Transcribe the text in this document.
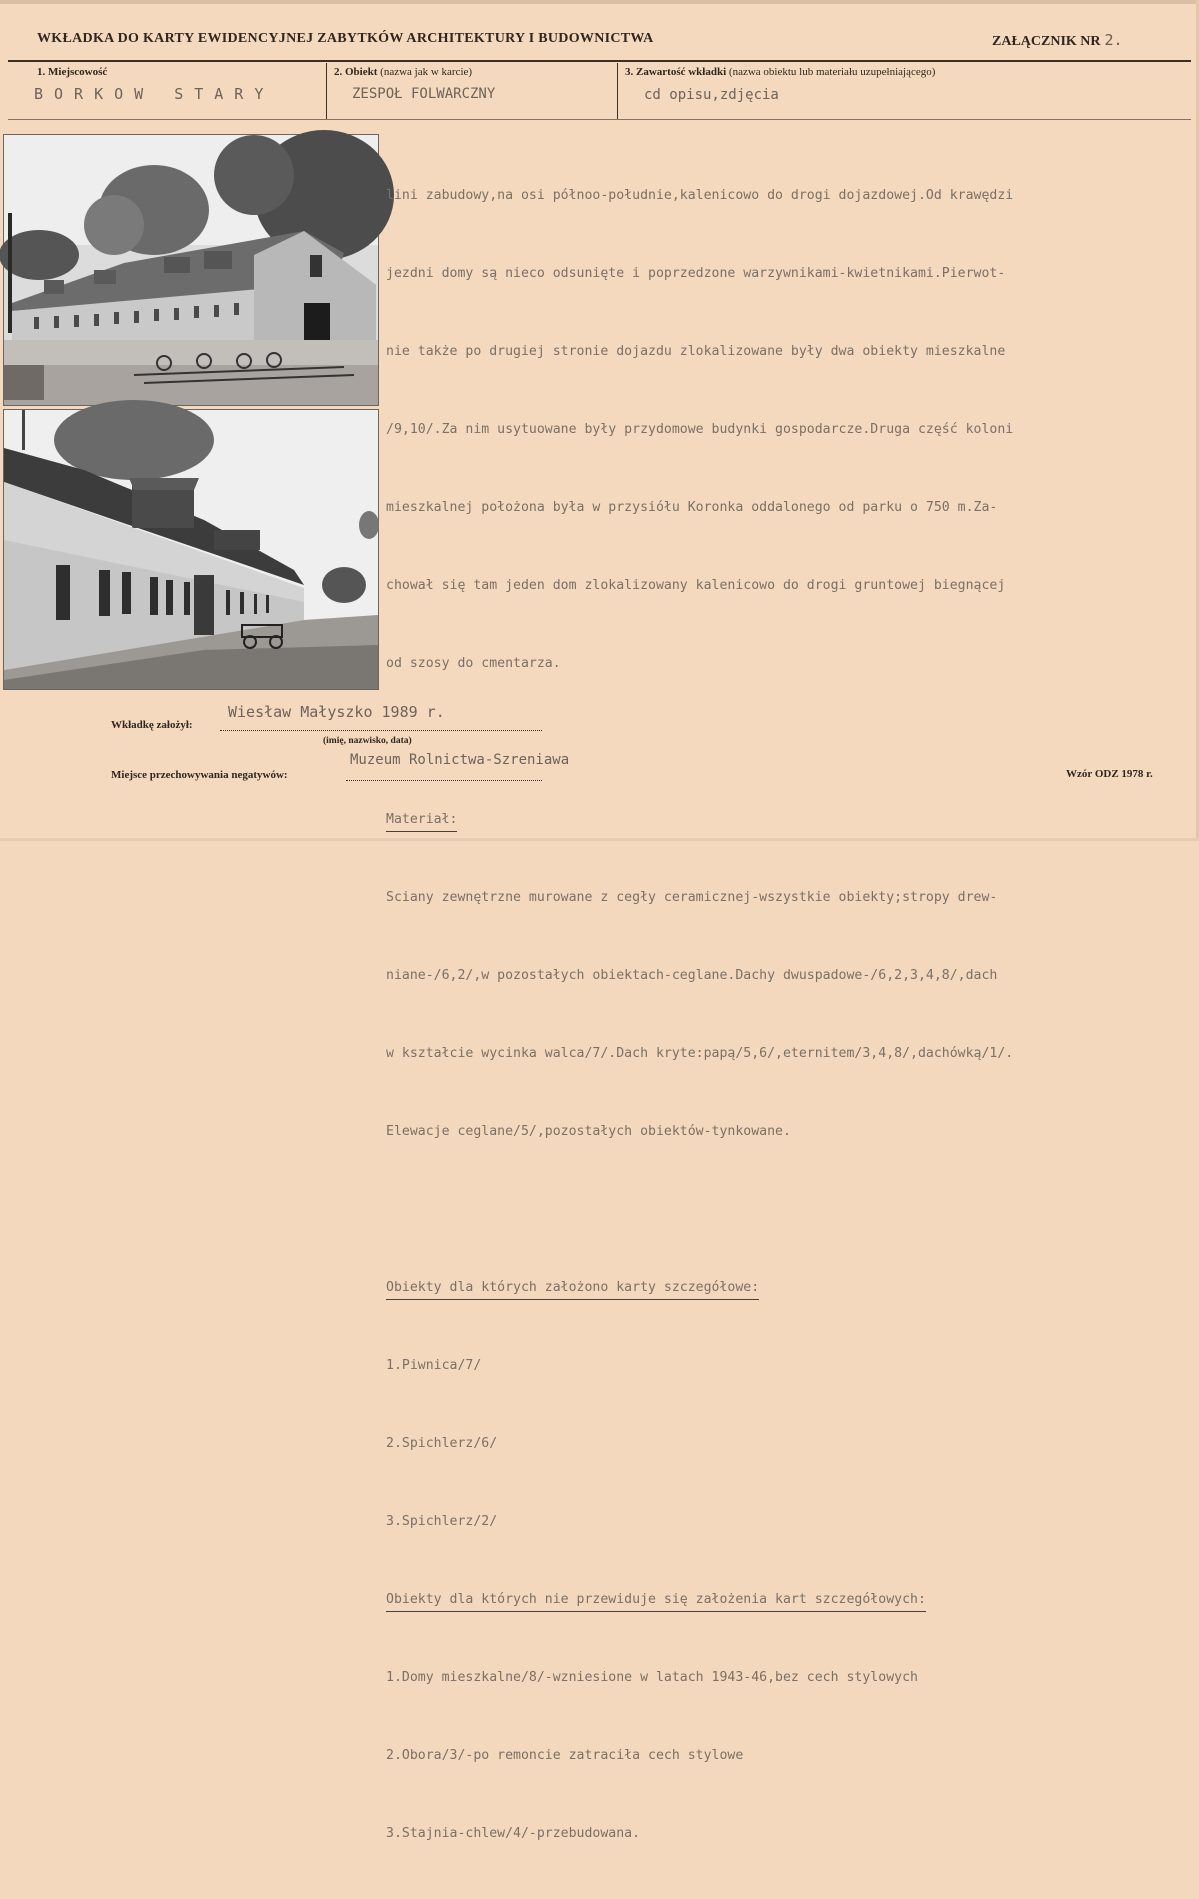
WKŁADKA DO KARTY EWIDENCYJNEJ ZABYTKÓW ARCHITEKTURY I BUDOWNICTWA	ZAŁĄCZNIK NR 2.
1. Miejscowość
BORKOW STARY
2. Obiekt (nazwa jak w karcie)
ZESPOŁ FOLWARCZNY
3. Zawartość wkładki (nazwa obiektu lub materiału uzupełniającego)
cd opisu,zdjęcia

lini zabudowy,na osi półnoo-południe,kalenicowo do drogi dojazdowej.Od krawędzi

jezdni domy są nieco odsunięte i poprzedzone warzywnikami-kwietnikami.Pierwot-

nie także po drugiej stronie dojazdu zlokalizowane były dwa obiekty mieszkalne

/9,10/.Za nim usytuowane były przydomowe budynki gospodarcze.Druga część koloni

mieszkalnej położona była w przysiółu Koronka oddalonego od parku o 750 m.Za-

chował się tam jeden dom zlokalizowany kalenicowo do drogi gruntowej biegnącej

od szosy do cmentarza.

Materiał:

Sciany zewnętrzne murowane z cegły ceramicznej-wszystkie obiekty;stropy drew-

niane-/6,2/,w pozostałych obiektach-ceglane.Dachy dwuspadowe-/6,2,3,4,8/,dach

w kształcie wycinka walca/7/.Dach kryte:papą/5,6/,eternitem/3,4,8/,dachówką/1/.

Elewacje ceglane/5/,pozostałych obiektów-tynkowane.

Obiekty dla których założono karty szczegółowe:

1.Piwnica/7/

2.Spichlerz/6/

3.Spichlerz/2/

Obiekty dla których nie przewiduje się założenia kart szczegółowych:

1.Domy mieszkalne/8/-wzniesione w latach 1943-46,bez cech stylowych

2.Obora/3/-po remoncie zatraciła cech stylowe

3.Stajnia-chlew/4/-przebudowana.

Wkładkę założył:
Wiesław Małyszko 1989 r.
(imię, nazwisko, data)
Miejsce przechowywania negatywów:
Muzeum Rolnictwa-Szreniawa
Wzór ODZ 1978 r.
